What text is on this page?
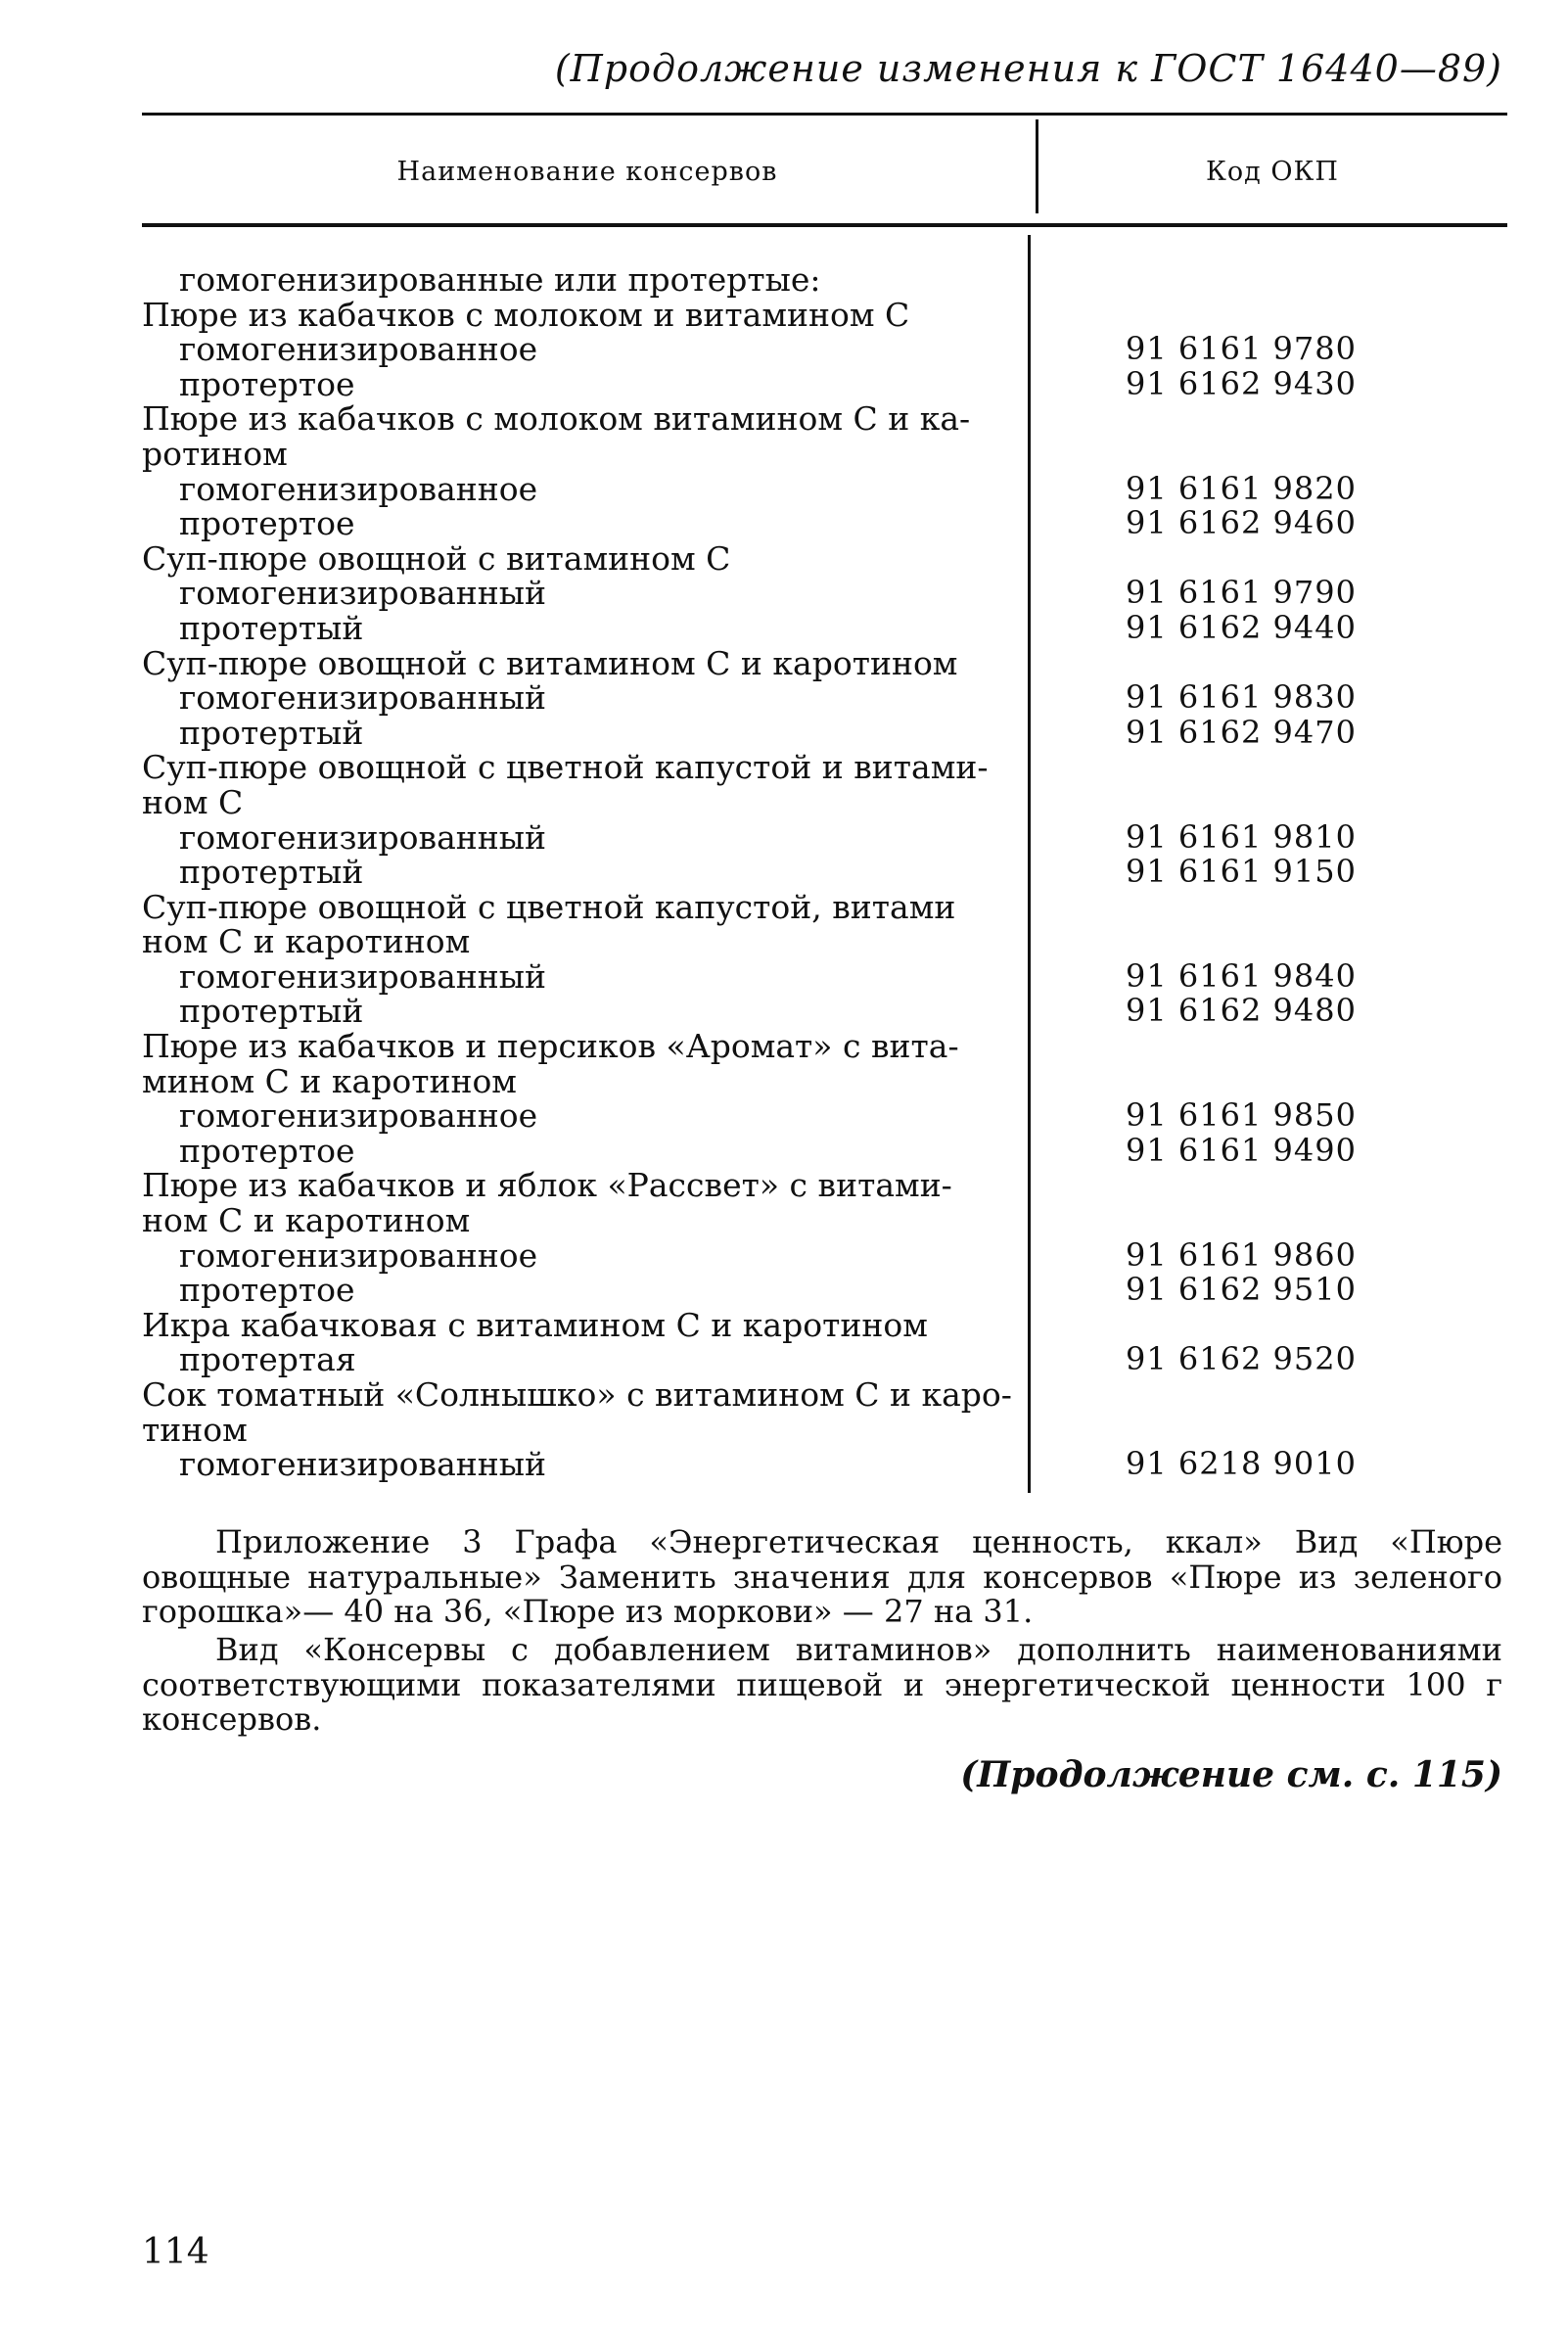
(Продолжение изменения к ГОСТ 16440—89)
Наименование консервов	Код ОКП
гомогенизированные или протертые:
Пюре из кабачков с молоком и витамином С
гомогенизированное	91 6161 9780
протертое	91 6162 9430
Пюре из кабачков с молоком витамином С и ка-
ротином
гомогенизированное	91 6161 9820
протертое	91 6162 9460
Суп-пюре овощной с витамином С
гомогенизированный	91 6161 9790
протертый	91 6162 9440
Суп-пюре овощной с витамином С и каротином
гомогенизированный	91 6161 9830
протертый	91 6162 9470
Суп-пюре овощной с цветной капустой и витами-
ном С
гомогенизированный	91 6161 9810
протертый	91 6161 9150
Суп-пюре овощной с цветной капустой, витами
ном С и каротином
гомогенизированный	91 6161 9840
протертый	91 6162 9480
Пюре из кабачков и персиков «Аромат» с вита-
мином С и каротином
гомогенизированное	91 6161 9850
протертое	91 6161 9490
Пюре из кабачков и яблок «Рассвет» с витами-
ном С и каротином
гомогенизированное	91 6161 9860
протертое	91 6162 9510
Икра кабачковая с витамином С и каротином
протертая	91 6162 9520
Сок томатный «Солнышко» с витамином С и каро-
тином
гомогенизированный	91 6218 9010
Приложение 3 Графа «Энергетическая ценность, ккал» Вид «Пюре овощные натуральные» Заменить значения для консервов «Пюре из зеленого горошка»— 40 на 36, «Пюре из моркови» — 27 на 31.
Вид «Консервы с добавлением витаминов» дополнить наименованиями соответствующими показателями пищевой и энергетической ценности 100 г консервов.
(Продолжение см. с. 115)
114
